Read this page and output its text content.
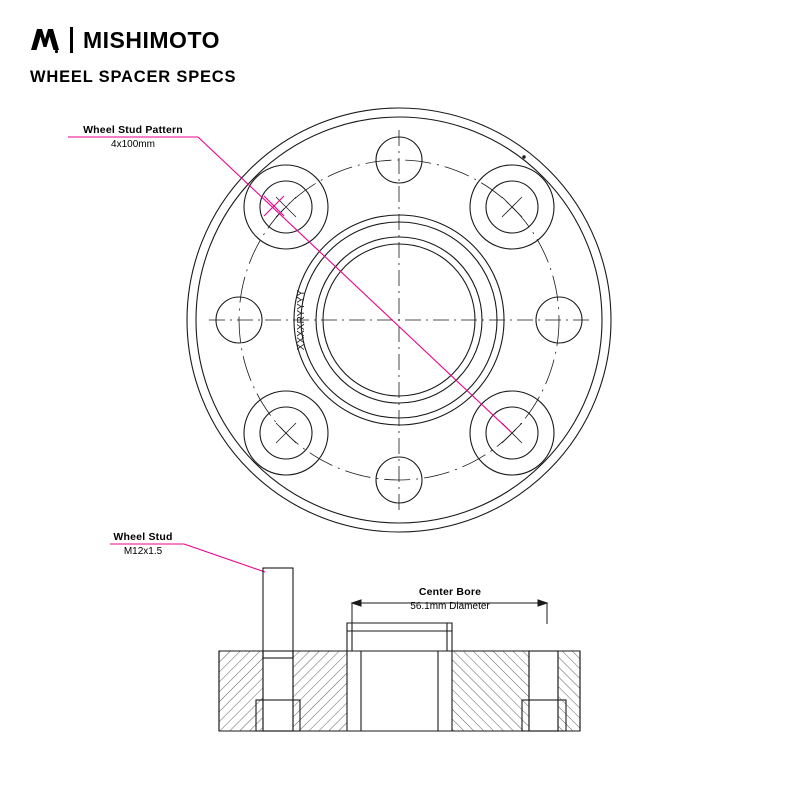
MISHIMOTO
WHEEL SPACER SPECS
Wheel Stud Pattern
4x100mm
Wheel Stud
M12x1.5
Center Bore
56.1mm Diameter
XXXXRYYYY
